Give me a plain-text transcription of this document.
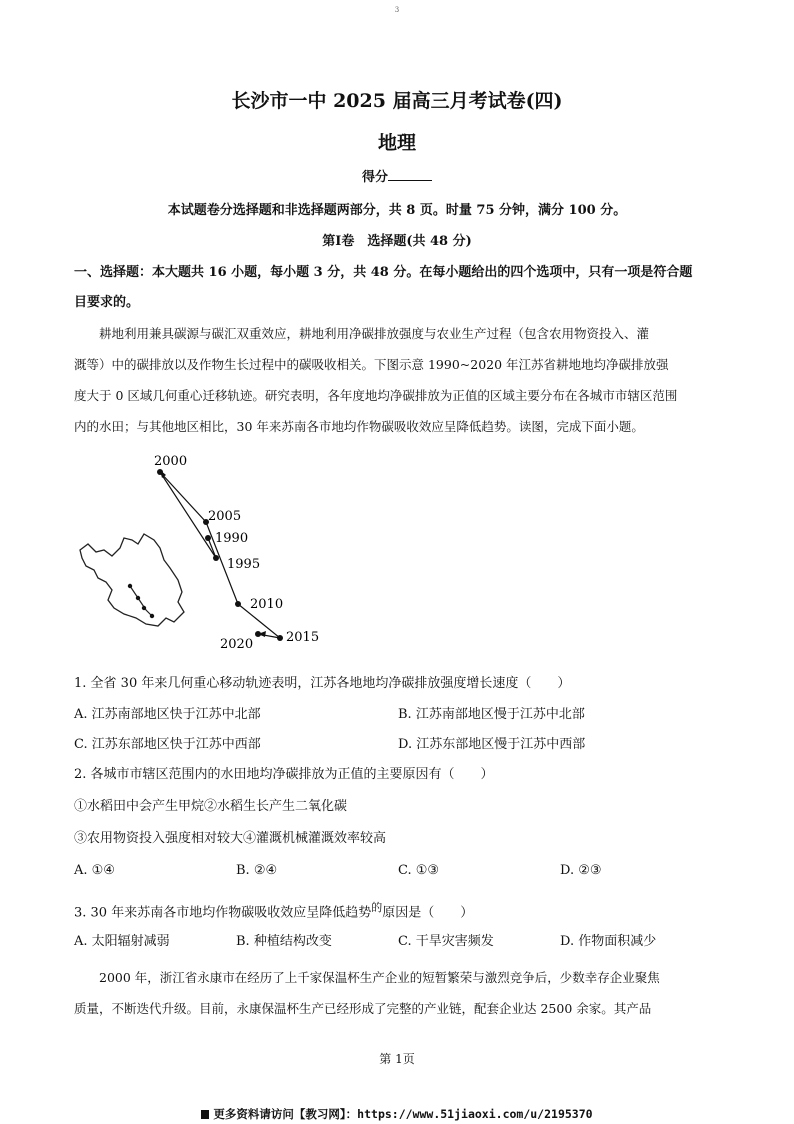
3
长沙市一中 2025 届高三月考试卷(四)
地理
得分
本试题卷分选择题和非选择题两部分，共 8 页。时量 75 分钟，满分 100 分。
第Ⅰ卷　选择题(共 48 分)
一、选择题：本大题共 16 小题，每小题 3 分，共 48 分。在每小题给出的四个选项中，只有一项是符合题
目要求的。

耕地利用兼具碳源与碳汇双重效应，耕地利用净碳排放强度与农业生产过程（包含农用物资投入、灌

溉等）中的碳排放以及作物生长过程中的碳吸收相关。下图示意 1990~2020 年江苏省耕地地均净碳排放强
度大于 0 区域几何重心迁移轨迹。研究表明，各年度地均净碳排放为正值的区域主要分布在各城市市辖区范围
内的水田；与其他地区相比，30 年来苏南各市地均作物碳吸收效应呈降低趋势。读图，完成下面小题。
2000
2005
1990
1995
2010
2015
2020
1. 全省 30 年来几何重心移动轨迹表明，江苏各地地均净碳排放强度增长速度（　　）
A. 江苏南部地区快于江苏中北部	B. 江苏南部地区慢于江苏中北部
C. 江苏东部地区快于江苏中西部	D. 江苏东部地区慢于江苏中西部
2. 各城市市辖区范围内的水田地均净碳排放为正值的主要原因有（　　）
①水稻田中会产生甲烷②水稻生长产生二氧化碳
③农用物资投入强度相对较大④灌溉机械灌溉效率较高
A. ①④	B. ②④	C. ①③	D. ②③
3. 30 年来苏南各市地均作物碳吸收效应呈降低趋势$^的$原因是（　　）
A. 太阳辐射减弱	B. 种植结构改变	C. 干旱灾害频发	D. 作物面积减少

2000 年，浙江省永康市在经历了上千家保温杯生产企业的短暂繁荣与激烈竞争后，少数幸存企业聚焦

质量，不断迭代升级。目前，永康保温杯生产已经形成了完整的产业链，配套企业达 2500 余家。其产品
第 1页
更多资料请访问【教习网】：https://www.51jiaoxi.com/u/2195370
